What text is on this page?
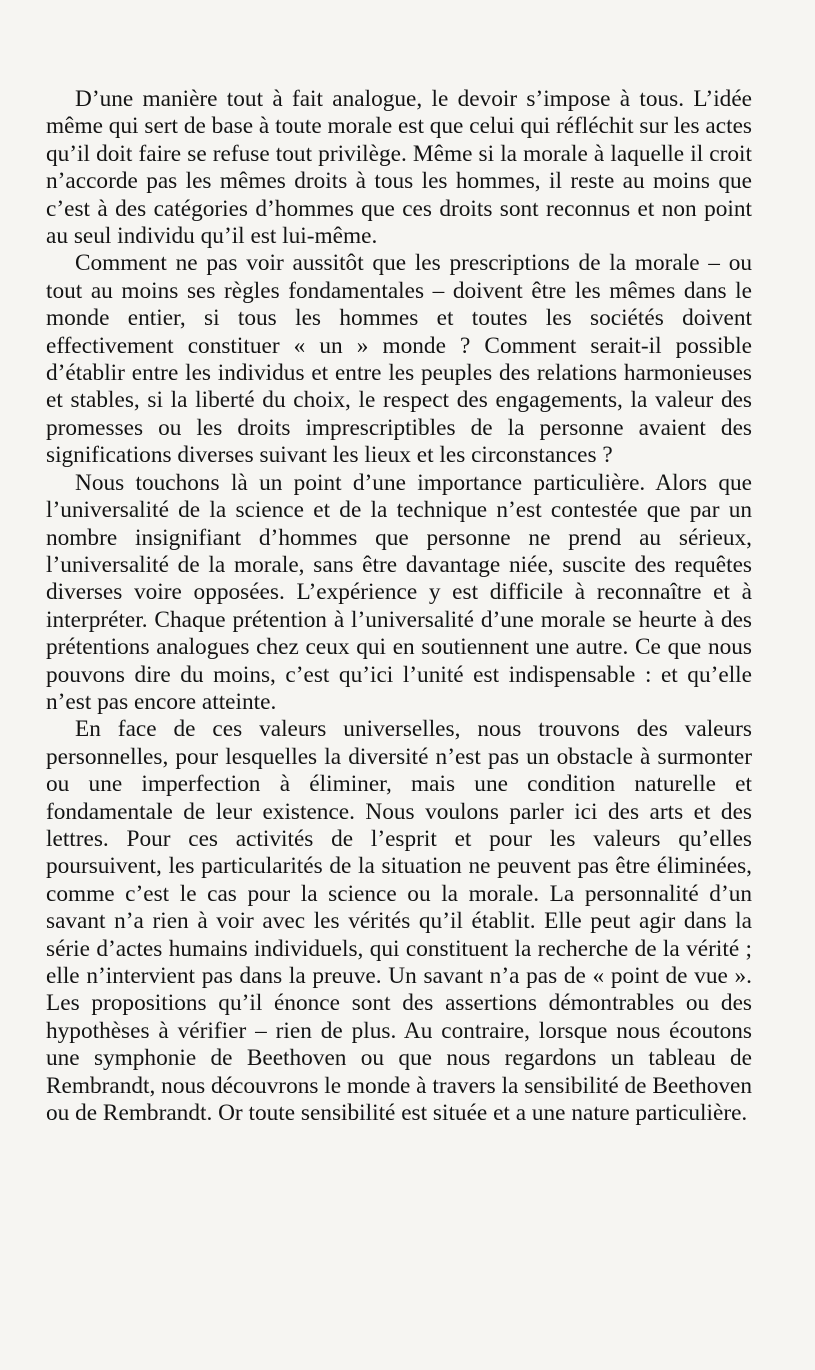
D’une manière tout à fait analogue, le devoir s’impose à tous. L’idée même qui sert de base à toute morale est que celui qui réfléchit sur les actes qu’il doit faire se refuse tout privilège. Même si la morale à laquelle il croit n’accorde pas les mêmes droits à tous les hommes, il reste au moins que c’est à des catégories d’hommes que ces droits sont reconnus et non point au seul individu qu’il est lui-même.

Comment ne pas voir aussitôt que les prescriptions de la morale – ou tout au moins ses règles fondamentales – doivent être les mêmes dans le monde entier, si tous les hommes et toutes les sociétés doivent effectivement constituer « un » monde ? Comment serait-il possible d’établir entre les individus et entre les peuples des relations harmonieuses et stables, si la liberté du choix, le respect des engagements, la valeur des promesses ou les droits imprescriptibles de la personne avaient des significations diverses suivant les lieux et les circonstances ?

Nous touchons là un point d’une importance particulière. Alors que l’universalité de la science et de la technique n’est contestée que par un nombre insignifiant d’hommes que personne ne prend au sérieux, l’universalité de la morale, sans être davantage niée, suscite des requêtes diverses voire opposées. L’expérience y est difficile à reconnaître et à interpréter. Chaque prétention à l’universalité d’une morale se heurte à des prétentions analogues chez ceux qui en soutiennent une autre. Ce que nous pouvons dire du moins, c’est qu’ici l’unité est indispensable : et qu’elle n’est pas encore atteinte.

En face de ces valeurs universelles, nous trouvons des valeurs personnelles, pour lesquelles la diversité n’est pas un obstacle à surmonter ou une imperfection à éliminer, mais une condition naturelle et fondamentale de leur existence. Nous voulons parler ici des arts et des lettres. Pour ces activités de l’esprit et pour les valeurs qu’elles poursuivent, les particularités de la situation ne peuvent pas être éliminées, comme c’est le cas pour la science ou la morale. La personnalité d’un savant n’a rien à voir avec les vérités qu’il établit. Elle peut agir dans la série d’actes humains individuels, qui constituent la recherche de la vérité ; elle n’intervient pas dans la preuve. Un savant n’a pas de « point de vue ». Les propositions qu’il énonce sont des assertions démontrables ou des hypothèses à vérifier – rien de plus. Au contraire, lorsque nous écoutons une symphonie de Beethoven ou que nous regardons un tableau de Rembrandt, nous découvrons le monde à travers la sensibilité de Beethoven ou de Rembrandt. Or toute sensibilité est située et a une nature particulière.
